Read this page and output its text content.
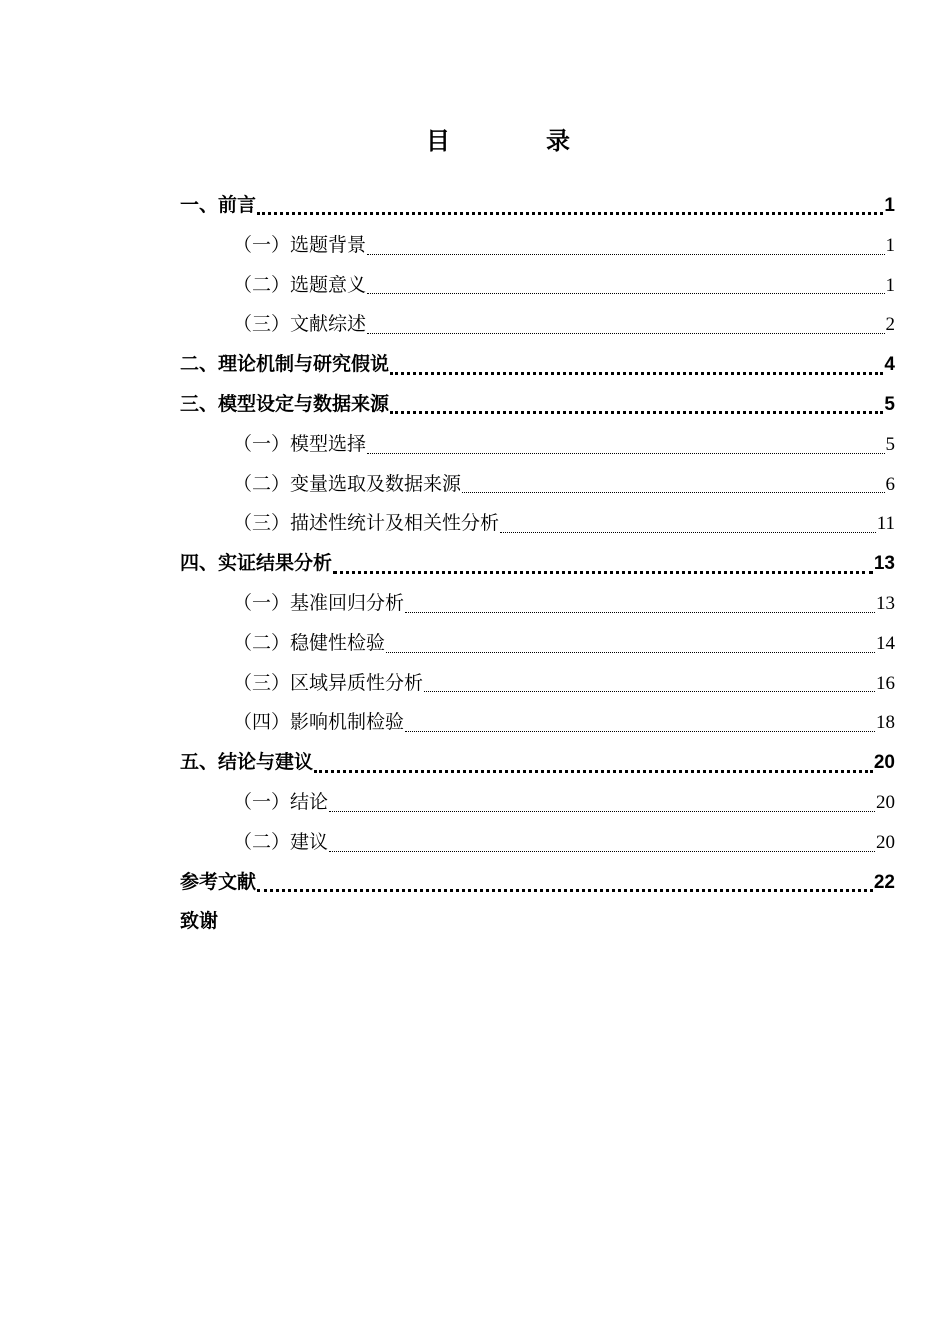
目	录
一、前言	1
（一）选题背景	1
（二）选题意义	1
（三）文献综述	2
二、理论机制与研究假说	4
三、模型设定与数据来源	5
（一）模型选择	5
（二）变量选取及数据来源	6
（三）描述性统计及相关性分析	11
四、实证结果分析	13
（一）基准回归分析	13
（二）稳健性检验	14
（三）区域异质性分析	16
（四）影响机制检验	18
五、结论与建议	20
（一）结论	20
（二）建议	20
参考文献	22
致谢
